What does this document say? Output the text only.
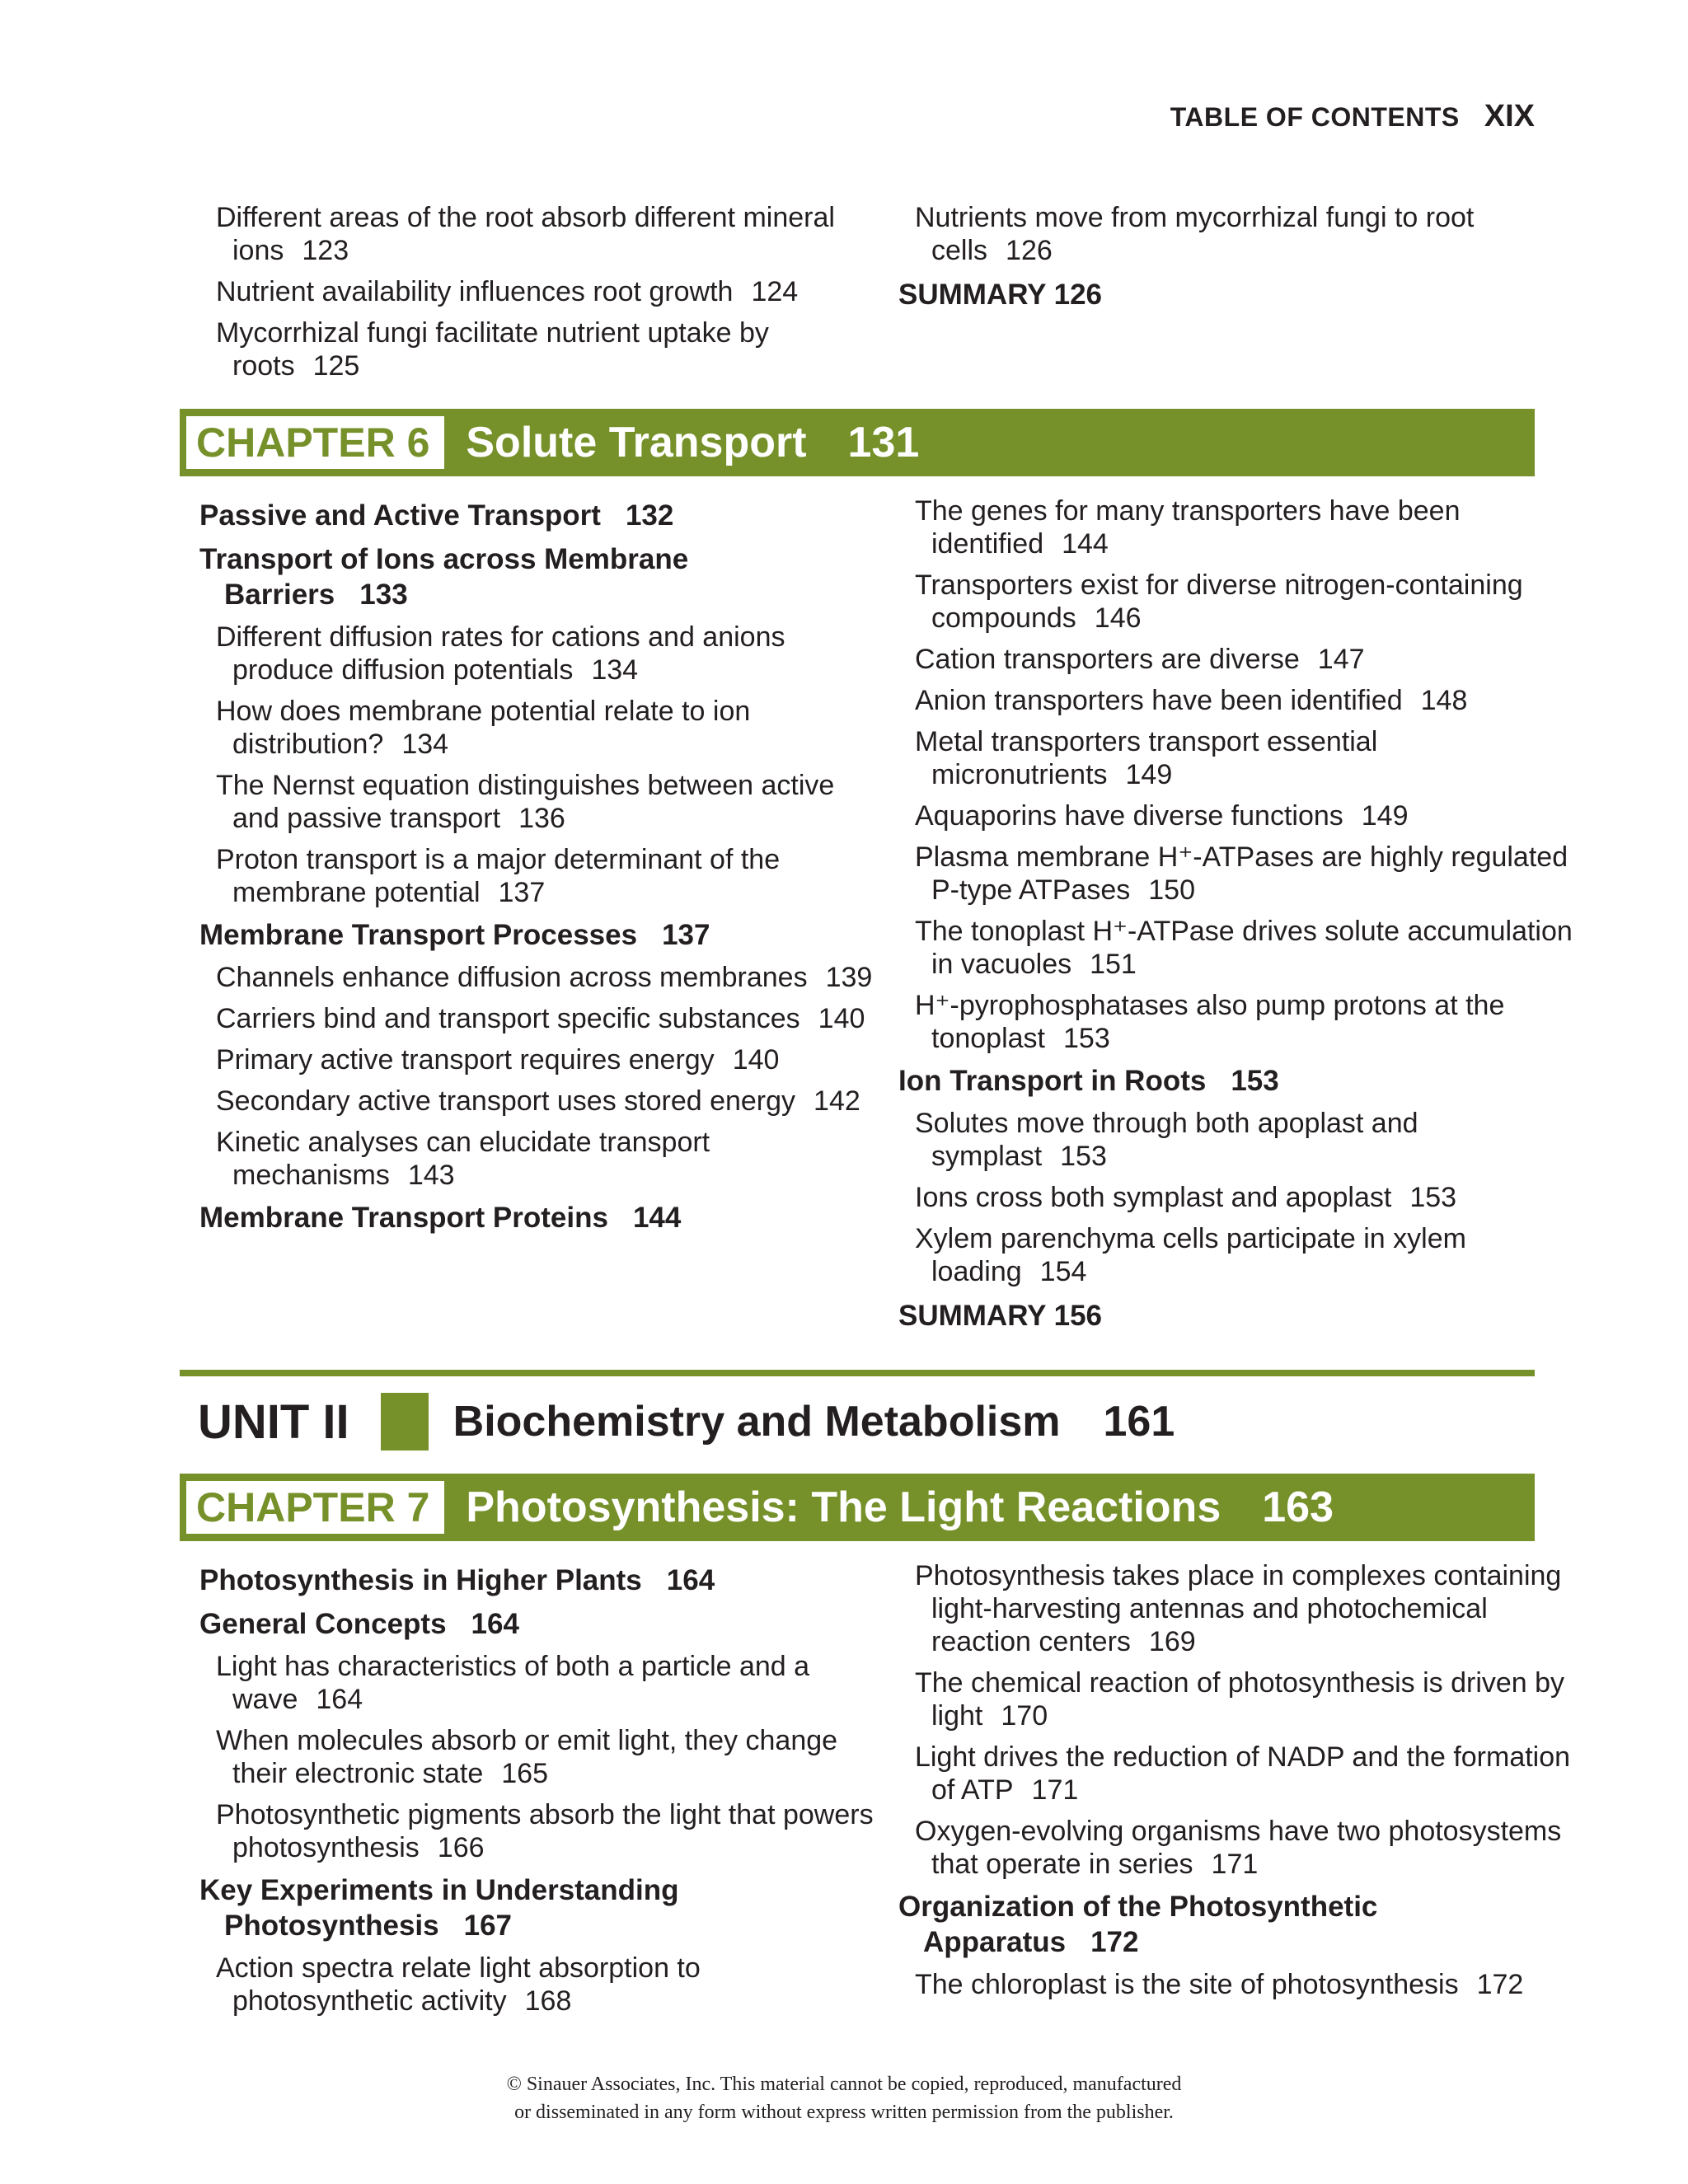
TABLE OF CONTENTS XIX
Different areas of the root absorb different mineral ions 123
Nutrient availability influences root growth 124
Mycorrhizal fungi facilitate nutrient uptake by roots 125
Nutrients move from mycorrhizal fungi to root cells 126
SUMMARY 126
CHAPTER 6 Solute Transport 131
Passive and Active Transport 132
Transport of Ions across Membrane Barriers 133
Different diffusion rates for cations and anions produce diffusion potentials 134
How does membrane potential relate to ion distribution? 134
The Nernst equation distinguishes between active and passive transport 136
Proton transport is a major determinant of the membrane potential 137
Membrane Transport Processes 137
Channels enhance diffusion across membranes 139
Carriers bind and transport specific substances 140
Primary active transport requires energy 140
Secondary active transport uses stored energy 142
Kinetic analyses can elucidate transport mechanisms 143
Membrane Transport Proteins 144
The genes for many transporters have been identified 144
Transporters exist for diverse nitrogen-containing compounds 146
Cation transporters are diverse 147
Anion transporters have been identified 148
Metal transporters transport essential micronutrients 149
Aquaporins have diverse functions 149
Plasma membrane H⁺-ATPases are highly regulated P-type ATPases 150
The tonoplast H⁺-ATPase drives solute accumulation in vacuoles 151
H⁺-pyrophosphatases also pump protons at the tonoplast 153
Ion Transport in Roots 153
Solutes move through both apoplast and symplast 153
Ions cross both symplast and apoplast 153
Xylem parenchyma cells participate in xylem loading 154
SUMMARY 156
UNIT II Biochemistry and Metabolism 161
CHAPTER 7 Photosynthesis: The Light Reactions 163
Photosynthesis in Higher Plants 164
General Concepts 164
Light has characteristics of both a particle and a wave 164
When molecules absorb or emit light, they change their electronic state 165
Photosynthetic pigments absorb the light that powers photosynthesis 166
Key Experiments in Understanding Photosynthesis 167
Action spectra relate light absorption to photosynthetic activity 168
Photosynthesis takes place in complexes containing light-harvesting antennas and photochemical reaction centers 169
The chemical reaction of photosynthesis is driven by light 170
Light drives the reduction of NADP and the formation of ATP 171
Oxygen-evolving organisms have two photosystems that operate in series 171
Organization of the Photosynthetic Apparatus 172
The chloroplast is the site of photosynthesis 172
© Sinauer Associates, Inc. This material cannot be copied, reproduced, manufactured
or disseminated in any form without express written permission from the publisher.
